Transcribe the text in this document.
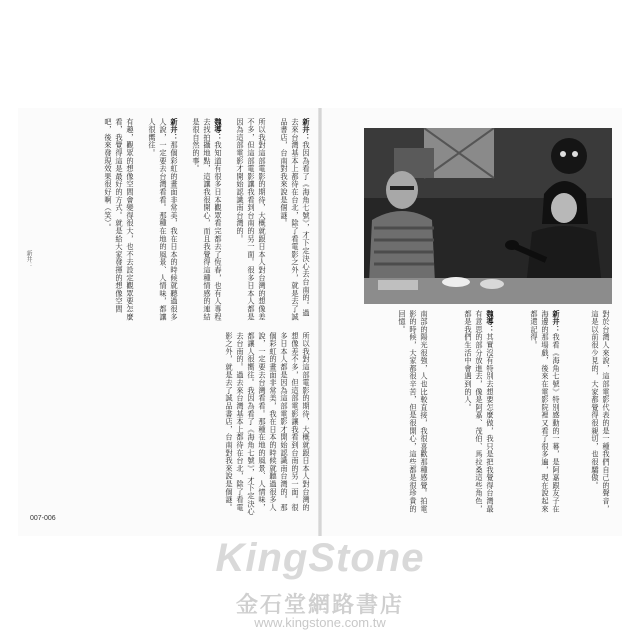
新井：我因為看了《海角七號》，才下定決心去台南的。過去來台灣基本上都待在台北，除了看電影之外，就是去了誠品書店，台南對我來說是個謎。
所以我對這部電影的期待，大概就跟日本人對台灣的想像差不多，但這部電影讓我看到台南的另一面。很多日本人都是因為這部電影才開始認識南台灣的。
魏導：我知道有很多日本觀眾看完都去了恆春，也有人專程去找拍攝地點，這讓我很開心，而且我覺得這種情感的連結是很自然的事。
新井：那個彩虹的畫面非常美，我在日本的時候就聽過很多人說，一定要去台灣看看。那種在地的風景、人情味，都讓人很嚮往。
有趣，觀眾的想像空間會變得很大，也不去設定觀眾要怎麼看，我覺得這是最好的方式。就是給大家發揮的想像空間吧，後來發現效果很好啊（笑）。
所以我對這部電影的期待，大概就跟日本人對台灣的想像差不多，但這部電影讓我看到台南的另一面。很多日本人都是因為這部電影才開始認識南台灣的。那個彩虹的畫面非常美，我在日本的時候就聽過很多人說，一定要去台灣看看。那種在地的風景、人情味，都讓人很嚮往。我因為看了《海角七號》，才下定決心去台南的。過去來台灣基本上都待在台北，除了看電影之外，就是去了誠品書店，台南對我來說是個謎。
007-006
對於台灣人來說，這部電影代表的是一種我們自己的聲音，這是以前很少見的，大家都覺得很親切，也很驕傲。
新井：我看《海角七號》特別感動的一幕，是阿嘉跟友子在海邊的那場戲，後來在電影院裡又看了很多遍，現在說起來都還記得。
魏導：其實沒有特別去想要怎麼做，我只是把我覺得台灣最有意思的部分放進去，像是阿嘉、茂伯、馬拉桑這些角色，都是我們生活中會遇到的人。
南部的陽光很強，人也比較直接，我很喜歡那種感覺。拍電影的時候，大家都很辛苦，但是很開心，這些都是很珍貴的回憶。
新井：
KingStone
金石堂網路書店
www.kingstone.com.tw
